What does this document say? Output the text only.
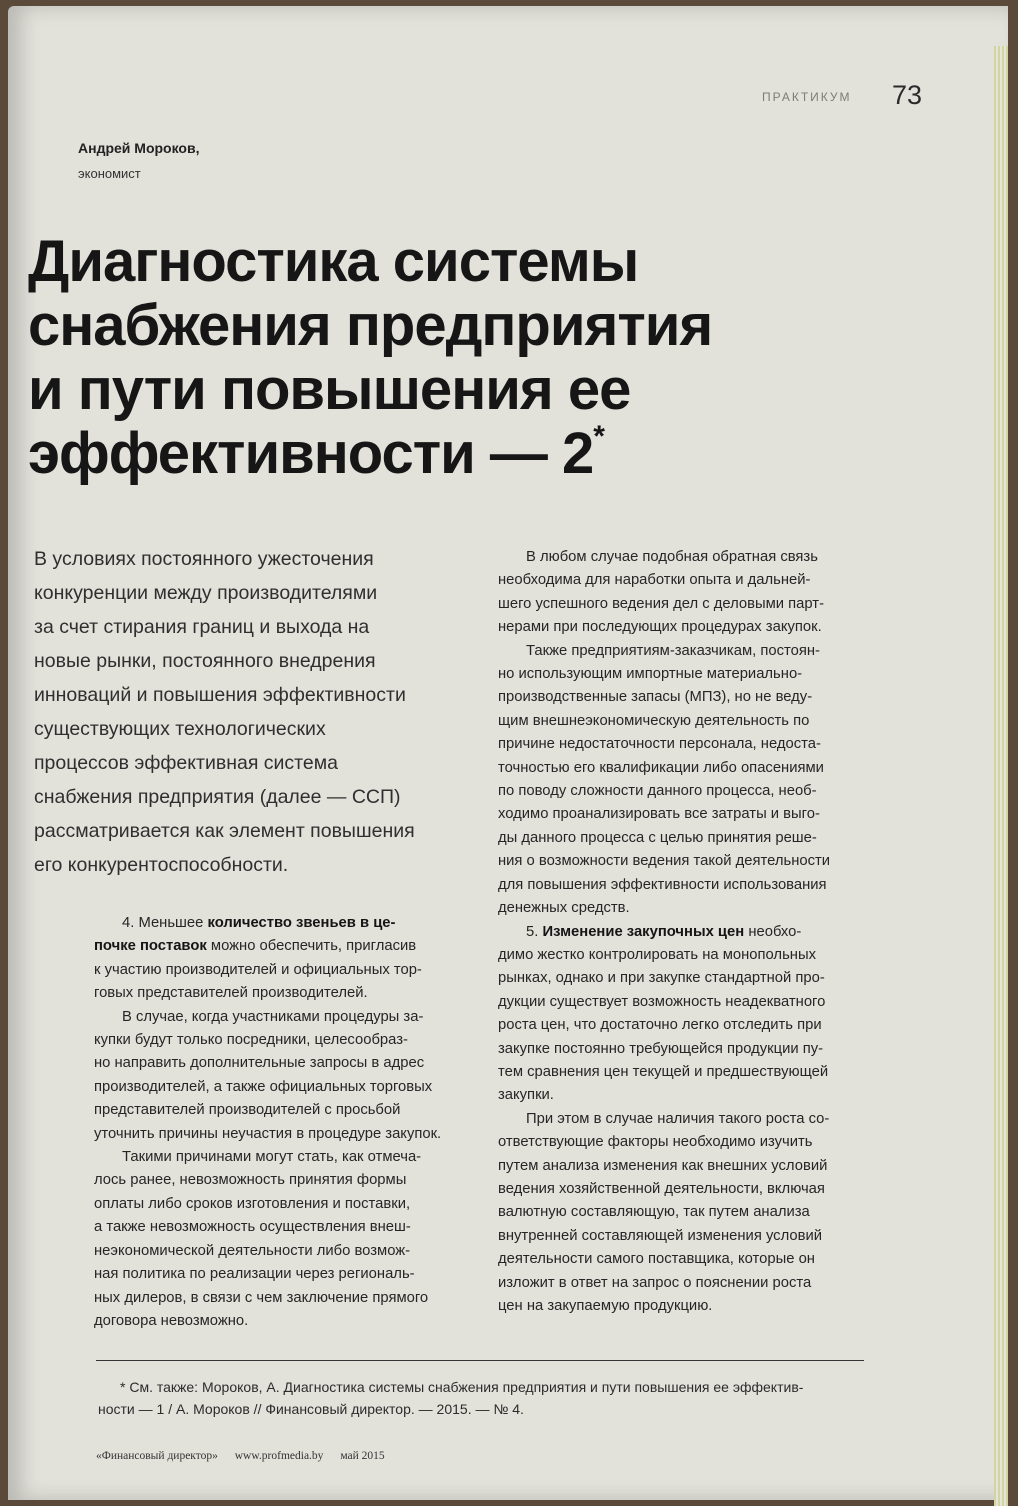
ПРАКТИКУМ 73
Андрей Мороков,
экономист
Диагностика системы
снабжения предприятия
и пути повышения ее
эффективности — 2*
В условиях постоянного ужесточения
конкуренции между производителями
за счет стирания границ и выхода на
новые рынки, постоянного внедрения
инноваций и повышения эффективности
существующих технологических
процессов эффективная система
снабжения предприятия (далее — ССП)
рассматривается как элемент повышения
его конкурентоспособности.
4. Меньшее количество звеньев в це-
почке поставок можно обеспечить, пригласив
к участию производителей и официальных тор-
говых представителей производителей.
В случае, когда участниками процедуры за-
купки будут только посредники, целесообраз-
но направить дополнительные запросы в адрес
производителей, а также официальных торговых
представителей производителей с просьбой
уточнить причины неучастия в процедуре закупок.
Такими причинами могут стать, как отмеча-
лось ранее, невозможность принятия формы
оплаты либо сроков изготовления и поставки,
а также невозможность осуществления внеш-
неэкономической деятельности либо возмож-
ная политика по реализации через региональ-
ных дилеров, в связи с чем заключение прямого
договора невозможно.
В любом случае подобная обратная связь
необходима для наработки опыта и дальней-
шего успешного ведения дел с деловыми парт-
нерами при последующих процедурах закупок.
Также предприятиям-заказчикам, постоян-
но использующим импортные материально-
производственные запасы (МПЗ), но не веду-
щим внешнеэкономическую деятельность по
причине недостаточности персонала, недоста-
точностью его квалификации либо опасениями
по поводу сложности данного процесса, необ-
ходимо проанализировать все затраты и выго-
ды данного процесса с целью принятия реше-
ния о возможности ведения такой деятельности
для повышения эффективности использования
денежных средств.
5. Изменение закупочных цен необхо-
димо жестко контролировать на монопольных
рынках, однако и при закупке стандартной про-
дукции существует возможность неадекватного
роста цен, что достаточно легко отследить при
закупке постоянно требующейся продукции пу-
тем сравнения цен текущей и предшествующей
закупки.
При этом в случае наличия такого роста со-
ответствующие факторы необходимо изучить
путем анализа изменения как внешних условий
ведения хозяйственной деятельности, включая
валютную составляющую, так путем анализа
внутренней составляющей изменения условий
деятельности самого поставщика, которые он
изложит в ответ на запрос о пояснении роста
цен на закупаемую продукцию.
* См. также: Мороков, А. Диагностика системы снабжения предприятия и пути повышения ее эффектив-
ности — 1 / А. Мороков // Финансовый директор. — 2015. — № 4.
«Финансовый директор» www.profmedia.by май 2015
